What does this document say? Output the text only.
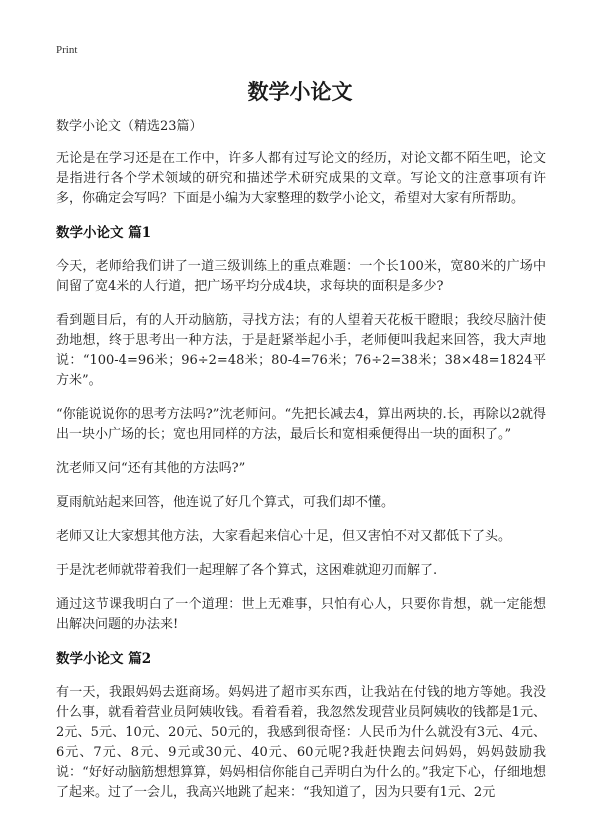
Print
数学小论文
数学小论文（精选23篇）

无论是在学习还是在工作中，许多人都有过写论文的经历，对论文都不陌生吧，论文是指进行各个学术领域的研究和描述学术研究成果的文章。写论文的注意事项有许多，你确定会写吗？下面是小编为大家整理的数学小论文，希望对大家有所帮助。

数学小论文 篇1

今天，老师给我们讲了一道三级训练上的重点难题：一个长100米，宽80米的广场中间留了宽4米的人行道，把广场平均分成4块，求每块的面积是多少?

看到题目后，有的人开动脑筋，寻找方法；有的人望着天花板干瞪眼；我绞尽脑汁使劲地想，终于思考出一种方法，于是赶紧举起小手，老师便叫我起来回答，我大声地说：“100-4=96米；96÷2=48米；80-4=76米；76÷2=38米；38×48=1824平方米”。

“你能说说你的思考方法吗?”沈老师问。“先把长减去4，算出两块的.长，再除以2就得出一块小广场的长；宽也用同样的方法，最后长和宽相乘便得出一块的面积了。”

沈老师又问“还有其他的方法吗?”

夏雨航站起来回答，他连说了好几个算式，可我们却不懂。

老师又让大家想其他方法，大家看起来信心十足，但又害怕不对又都低下了头。

于是沈老师就带着我们一起理解了各个算式，这困难就迎刃而解了.

通过这节课我明白了一个道理：世上无难事，只怕有心人，只要你肯想，就一定能想出解决问题的办法来!

数学小论文 篇2

有一天，我跟妈妈去逛商场。妈妈进了超市买东西，让我站在付钱的地方等她。我没什么事，就看着营业员阿姨收钱。看着看着，我忽然发现营业员阿姨收的钱都是1元、2元、5元、10元、20元、50元的，我感到很奇怪：人民币为什么就没有3元、4元、6元、7元、8元、9元或30元、40元、60元呢?我赶快跑去问妈妈，妈妈鼓励我说：“好好动脑筋想想算算，妈妈相信你能自己弄明白为什么的。”我定下心，仔细地想了起来。过了一会儿，我高兴地跳了起来：“我知道了，因为只要有1元、2元
